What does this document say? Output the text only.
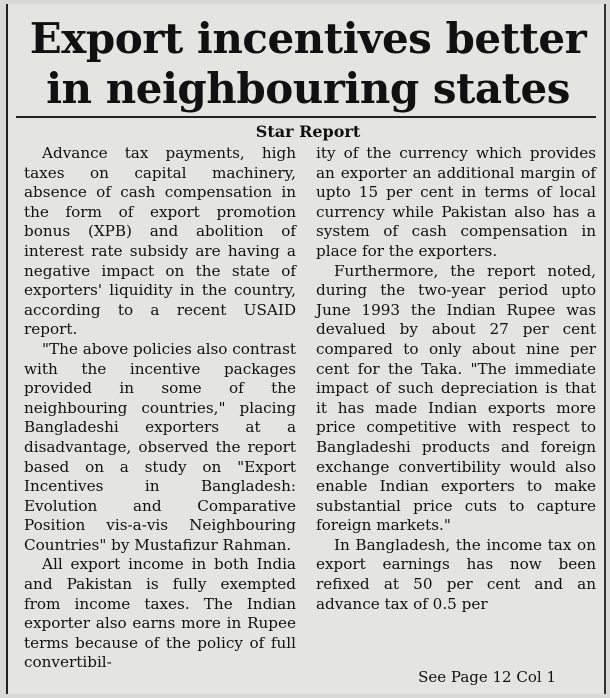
Export incentives better
in neighbouring states
Star Report

Advance tax payments, high taxes on capital machinery, absence of cash compensation in the form of export promotion bonus (XPB) and abolition of interest rate subsidy are having a negative impact on the state of exporters' liquidity in the country, according to a recent USAID report.

"The above policies also contrast with the incentive packages provided in some of the neighbouring countries," placing Bangladeshi exporters at a disadvantage, observed the report based on a study on "Export Incentives in Bangladesh: Evolution and Comparative Position vis-a-vis Neighbouring Countries" by Mustafizur Rahman.

All export income in both India and Pakistan is fully exempted from income taxes. The Indian exporter also earns more in Rupee terms because of the policy of full convertibil-

ity of the currency which provides an exporter an additional margin of upto 15 per cent in terms of local currency while Pakistan also has a system of cash compensation in place for the exporters.

Furthermore, the report noted, during the two-year period upto June 1993 the Indian Rupee was devalued by about 27 per cent compared to only about nine per cent for the Taka. "The immediate impact of such depreciation is that it has made Indian exports more price competitive with respect to Bangladeshi products and foreign exchange convertibility would also enable Indian exporters to make substantial price cuts to capture foreign markets."

In Bangladesh, the income tax on export earnings has now been refixed at 50 per cent and an advance tax of 0.5 per

See Page 12 Col 1
